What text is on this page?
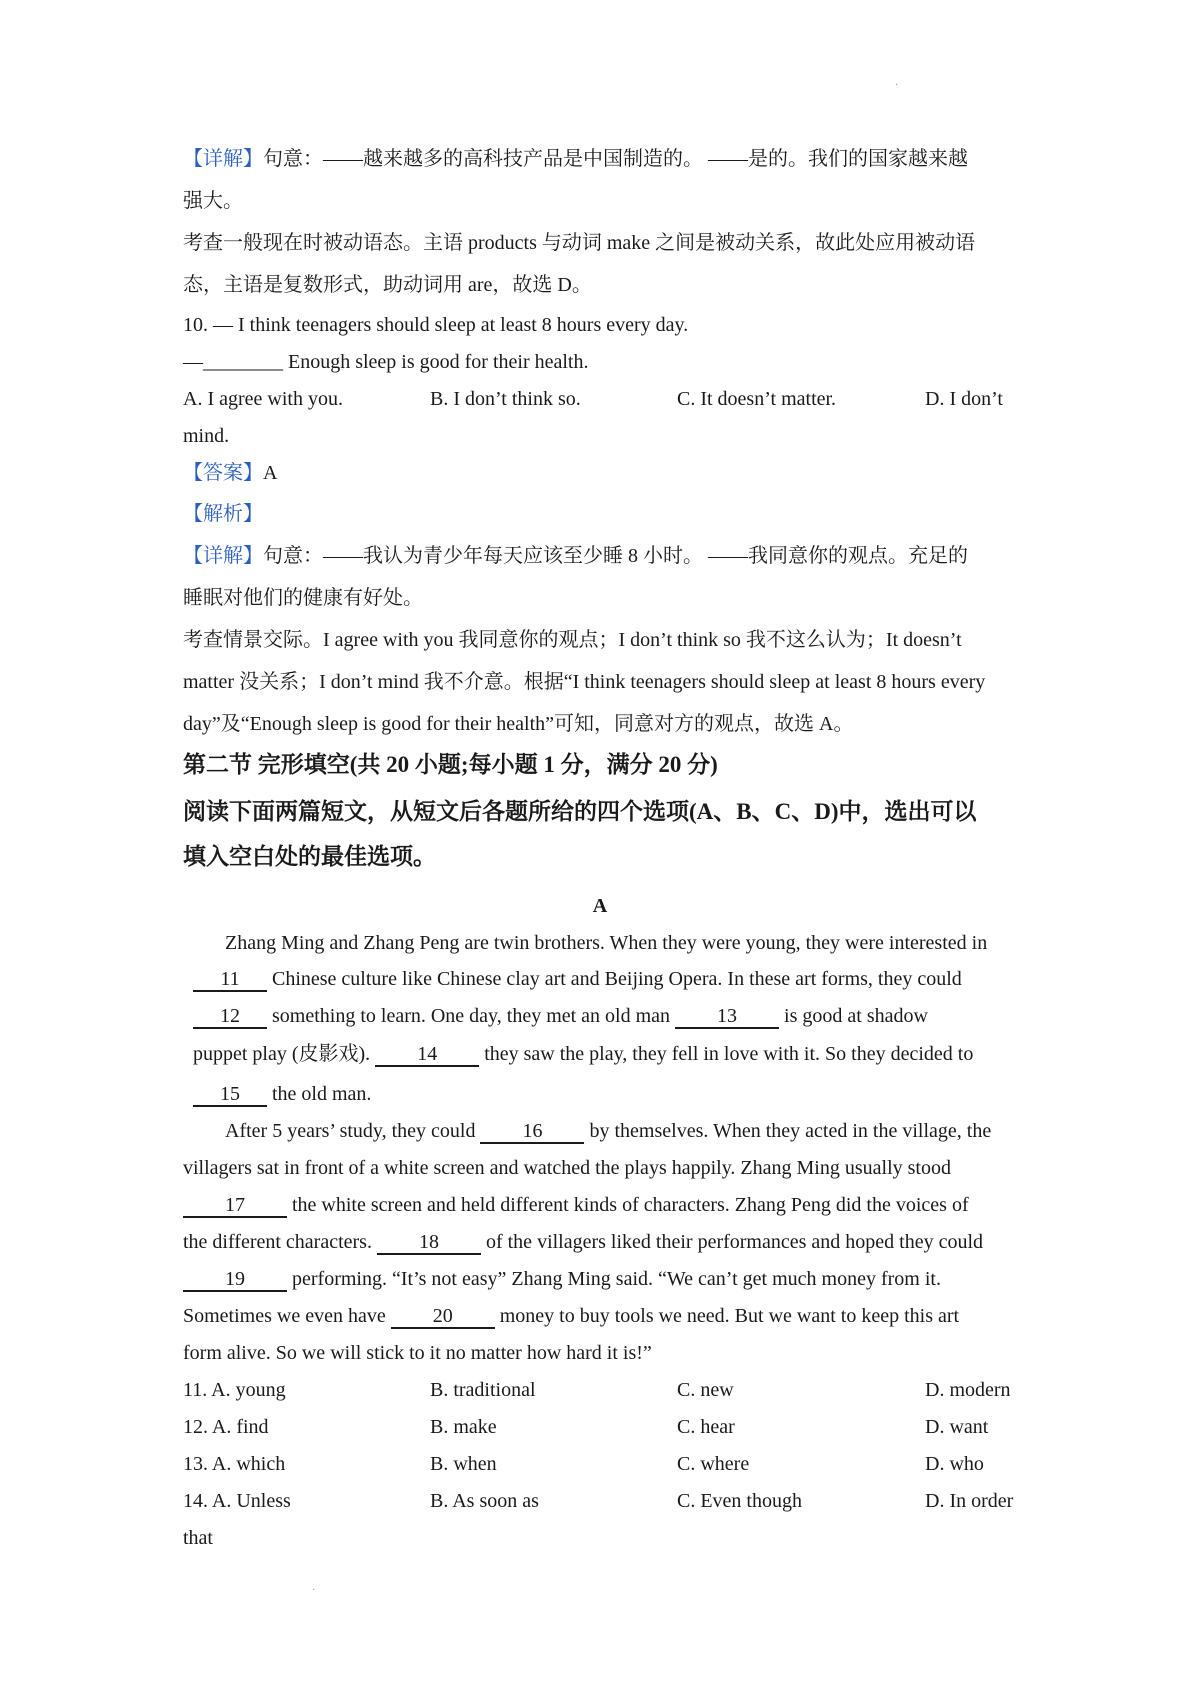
·
【详解】句意：——越来越多的高科技产品是中国制造的。 ——是的。我们的国家越来越
强大。
考查一般现在时被动语态。主语 products 与动词 make 之间是被动关系，故此处应用被动语
态，主语是复数形式，助动词用 are，故选 D。
10. — I think teenagers should sleep at least 8 hours every day.
—________ Enough sleep is good for their health.
A. I agree with you.	B. I don’t think so.	C. It doesn’t matter.	D. I don’t
mind.
【答案】A
【解析】
【详解】句意：——我认为青少年每天应该至少睡 8 小时。 ——我同意你的观点。充足的
睡眠对他们的健康有好处。
考查情景交际。I agree with you 我同意你的观点；I don’t think so 我不这么认为；It doesn’t
matter 没关系；I don’t mind 我不介意。根据“I think teenagers should sleep at least 8 hours every
day”及“Enough sleep is good for their health”可知，同意对方的观点，故选 A。
第二节 完形填空(共 20 小题;每小题 1 分，满分 20 分)
阅读下面两篇短文，从短文后各题所给的四个选项(A、B、C、D)中，选出可以
填入空白处的最佳选项。
A
Zhang Ming and Zhang Peng are twin brothers. When they were young, they were interested in
11 Chinese culture like Chinese clay art and Beijing Opera. In these art forms, they could
12 something to learn. One day, they met an old man 13 is good at shadow
puppet play (皮影戏). 14 they saw the play, they fell in love with it. So they decided to
15 the old man.
After 5 years’ study, they could 16 by themselves. When they acted in the village, the
villagers sat in front of a white screen and watched the plays happily. Zhang Ming usually stood
17 the white screen and held different kinds of characters. Zhang Peng did the voices of
the different characters. 18 of the villagers liked their performances and hoped they could
19 performing. “It’s not easy” Zhang Ming said. “We can’t get much money from it.
Sometimes we even have 20 money to buy tools we need. But we want to keep this art
form alive. So we will stick to it no matter how hard it is!”
11. A. young	B. traditional	C. new	D. modern
12. A. find	B. make	C. hear	D. want
13. A. which	B. when	C. where	D. who
14. A. Unless	B. As soon as	C. Even though	D. In order
that
·
